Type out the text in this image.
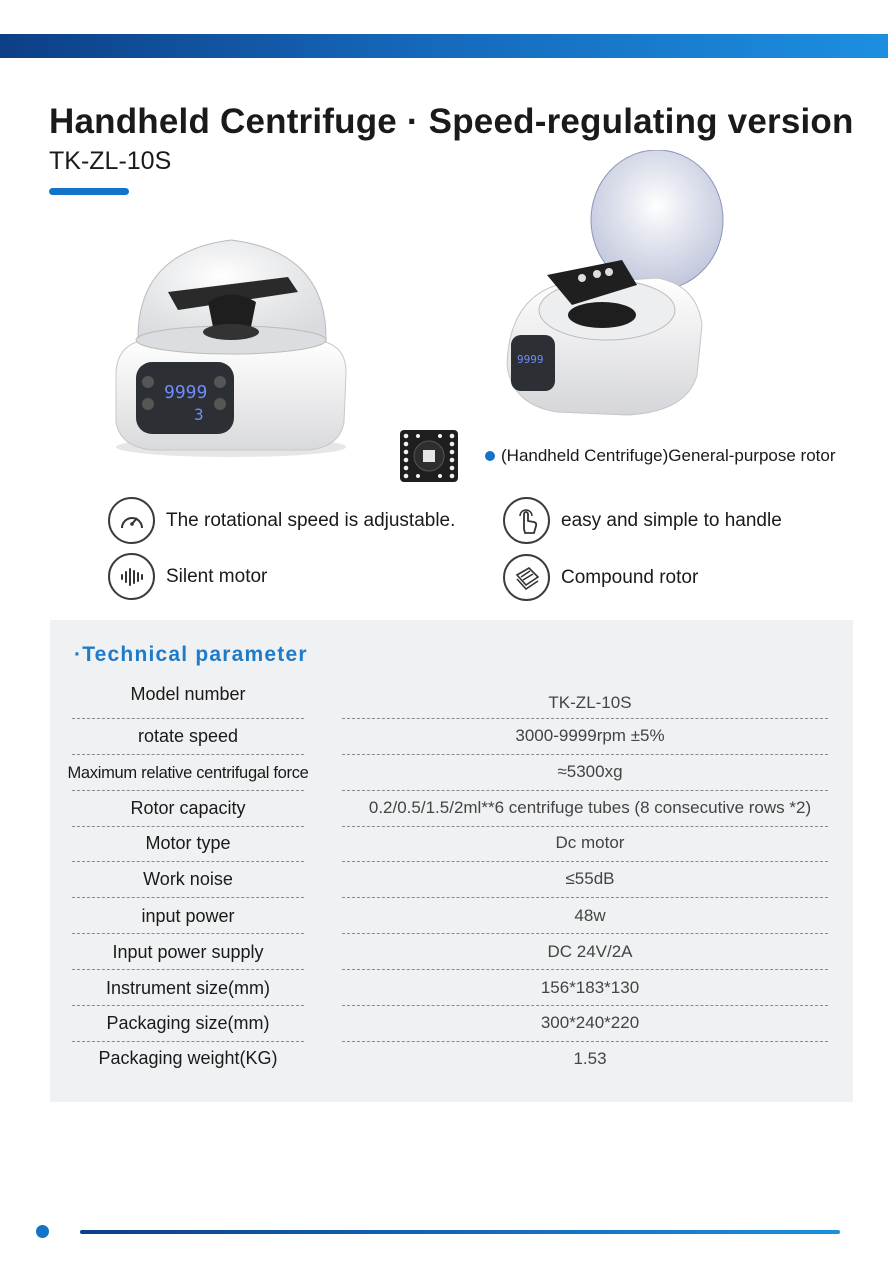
Handheld Centrifuge · Speed-regulating version
TK-ZL-10S
9999
3
9999
(Handheld Centrifuge)General-purpose rotor
The rotational speed is adjustable.	easy and simple to handle
Silent motor	Compound rotor
·Technical parameter
Model number	TK-ZL-10S
rotate speed	3000-9999rpm ±5%
Maximum relative centrifugal force	≈5300xg
Rotor capacity	0.2/0.5/1.5/2ml**6 centrifuge tubes (8 consecutive rows *2)
Motor type	Dc motor
Work noise	≤55dB
input power	48w
Input power supply	DC 24V/2A
Instrument size(mm)	156*183*130
Packaging size(mm)	300*240*220
Packaging weight(KG)	1.53
